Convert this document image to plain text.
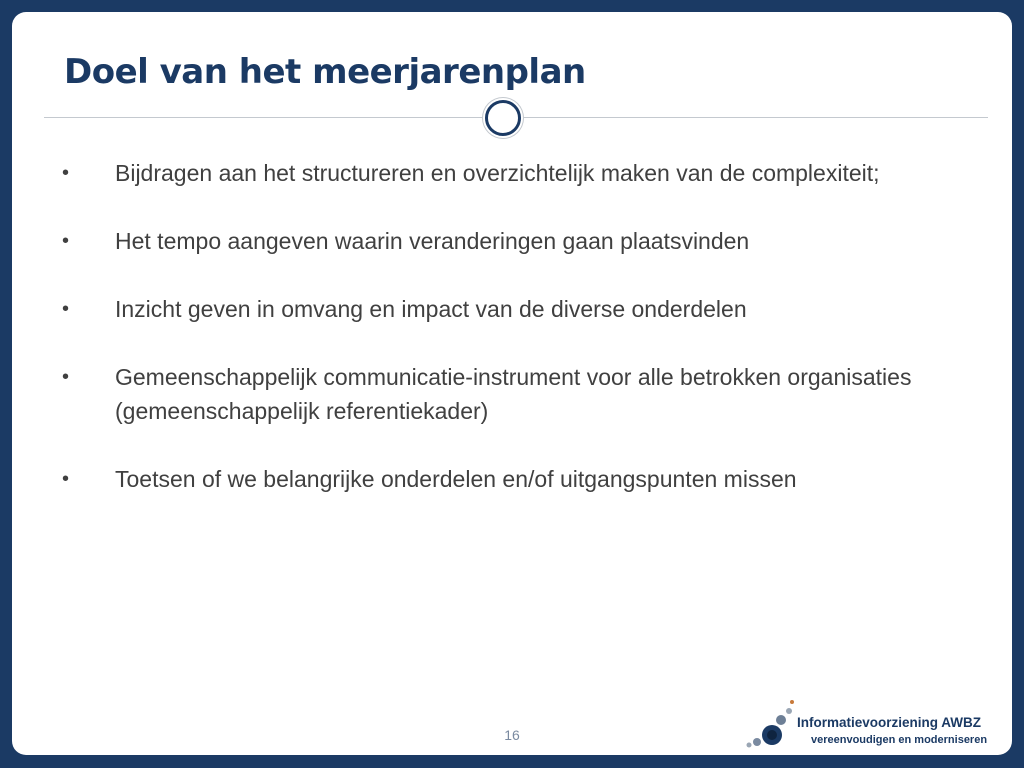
Doel van het meerjarenplan
• Bijdragen aan het structureren en overzichtelijk maken van de complexiteit;
• Het tempo aangeven waarin veranderingen gaan plaatsvinden
• Inzicht geven in omvang en impact van de diverse onderdelen
• Gemeenschappelijk communicatie-instrument voor alle betrokken organisaties (gemeenschappelijk referentiekader)
• Toetsen of we belangrijke onderdelen en/of uitgangspunten missen
16
Informatievoorziening AWBZ
vereenvoudigen en moderniseren
